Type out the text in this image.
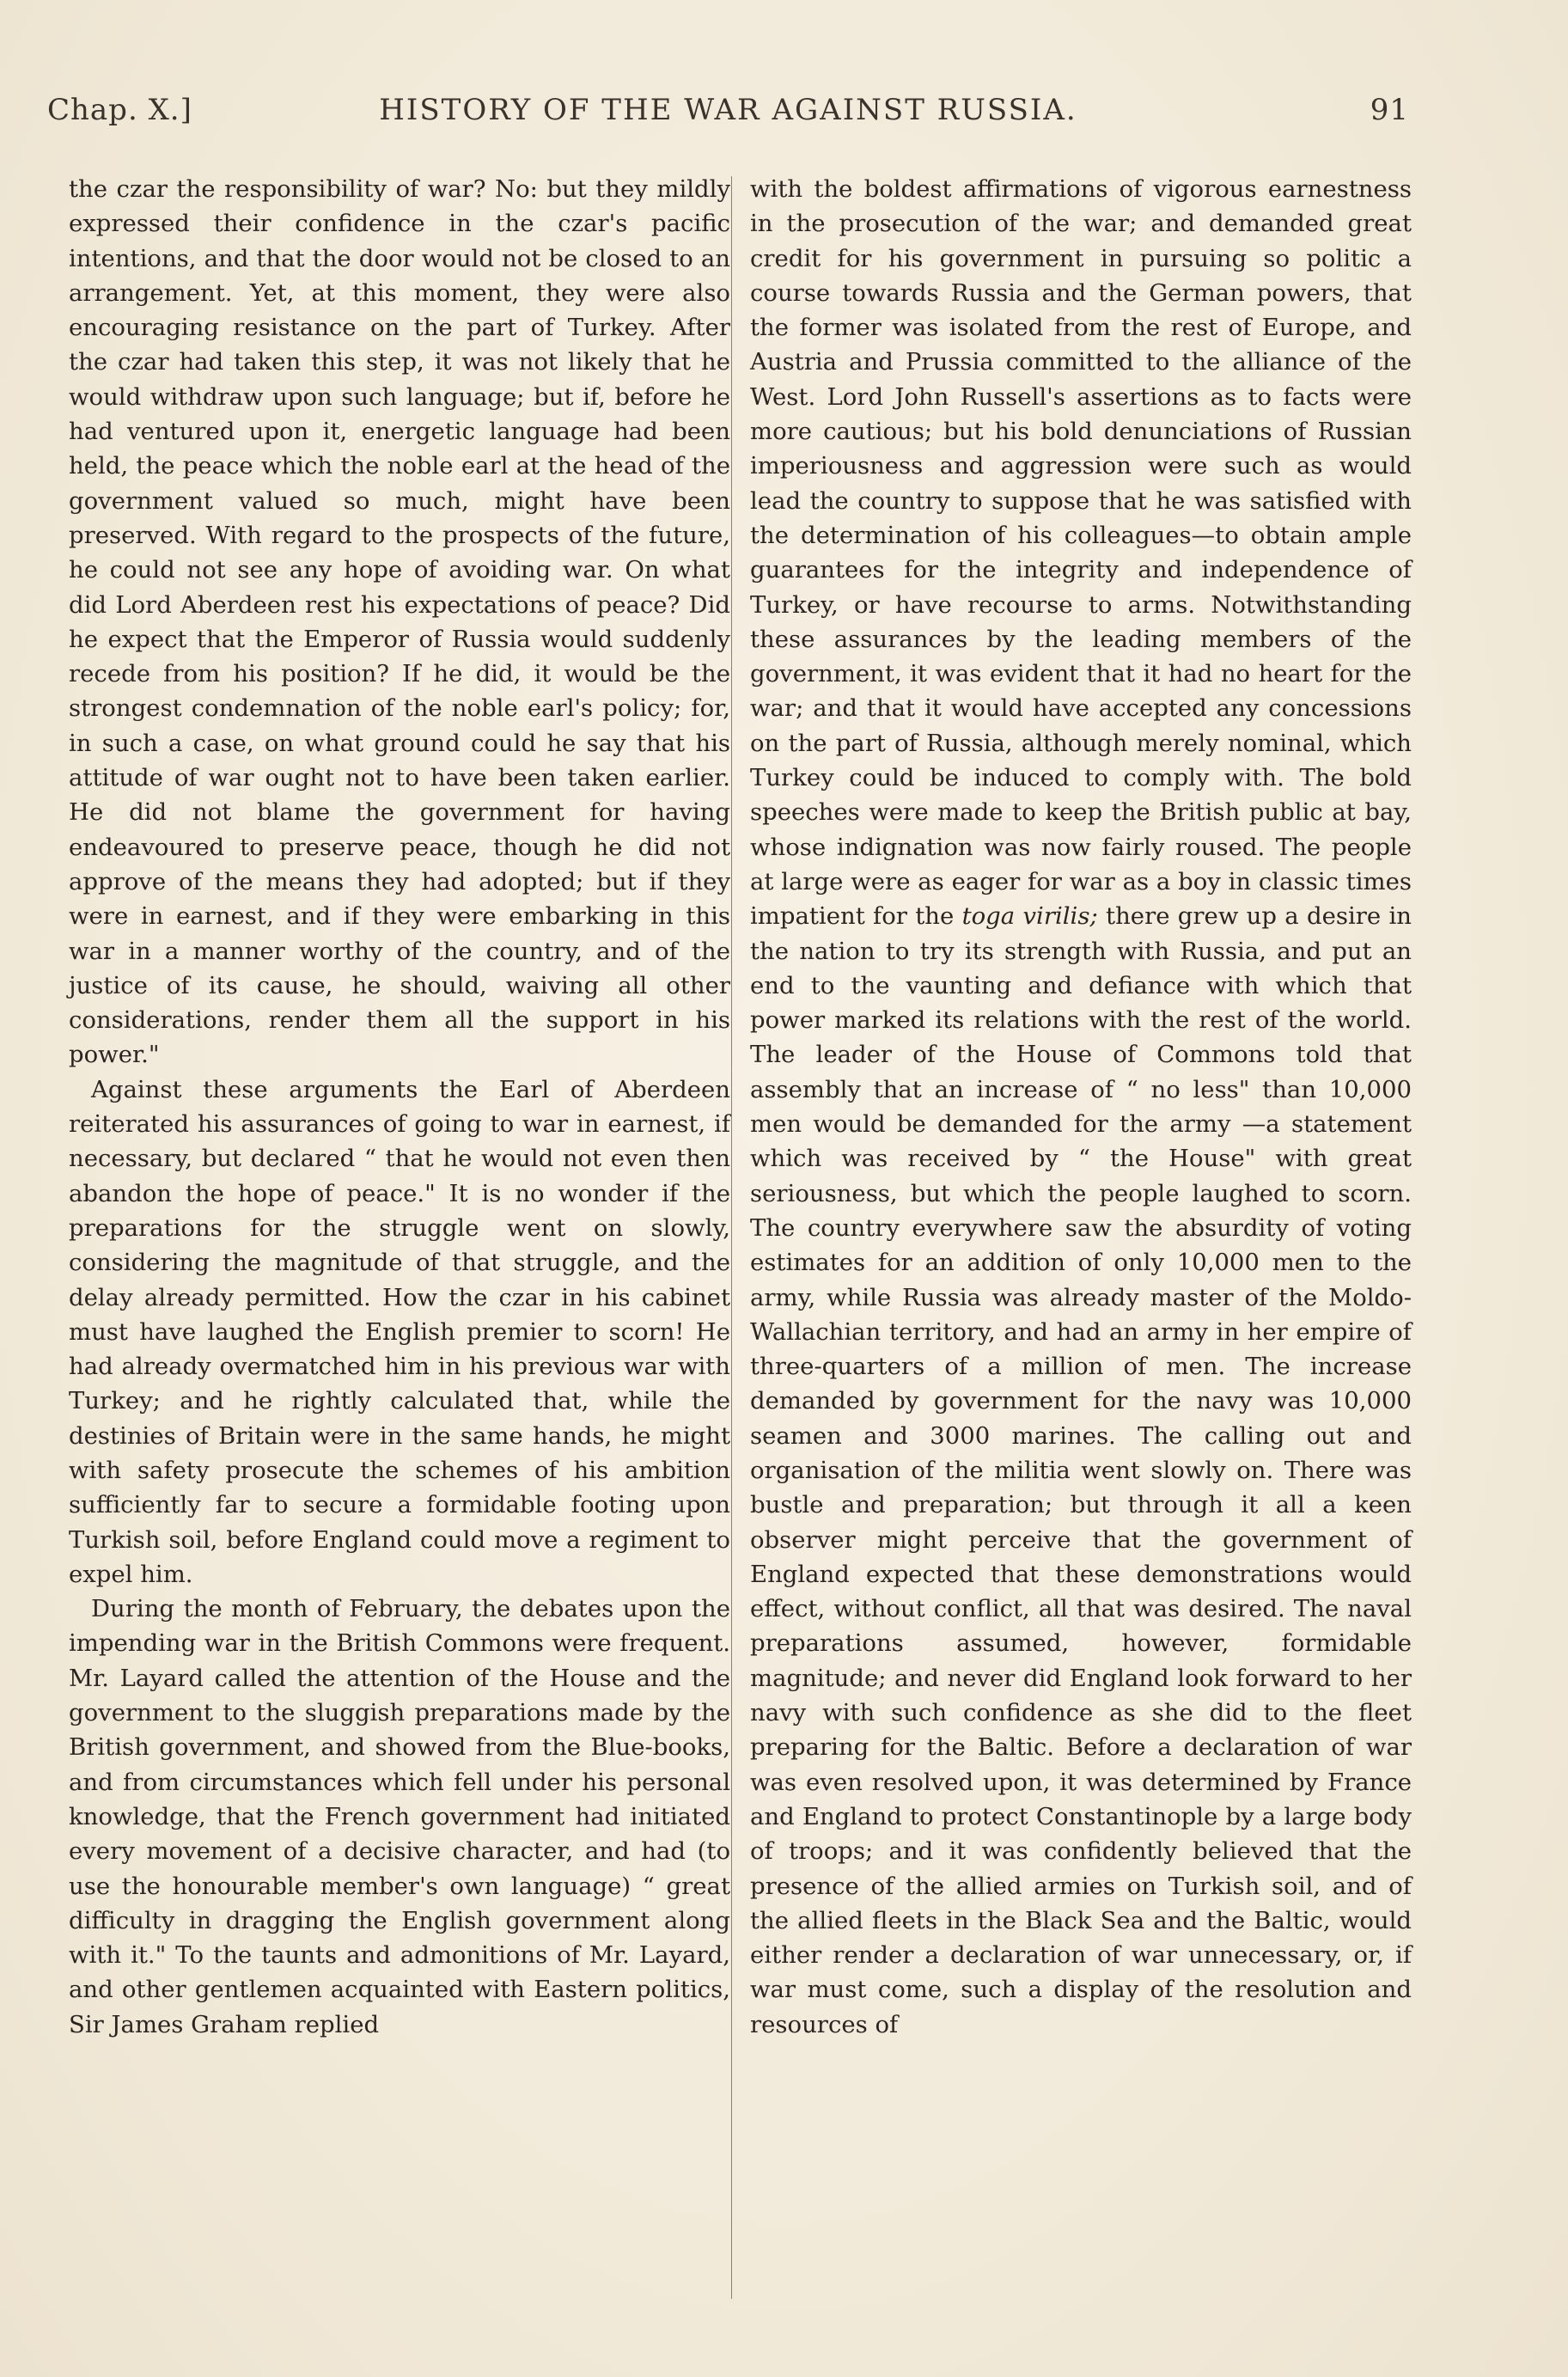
Chap. X.]	HISTORY OF THE WAR AGAINST RUSSIA.	91

the czar the responsibility of war? No: but they mildly expressed their confidence in the czar's pacific intentions, and that the door would not be closed to an arrangement. Yet, at this moment, they were also encouraging resistance on the part of Turkey. After the czar had taken this step, it was not likely that he would withdraw upon such language; but if, before he had ventured upon it, energetic language had been held, the peace which the noble earl at the head of the government valued so much, might have been preserved. With regard to the prospects of the future, he could not see any hope of avoiding war. On what did Lord Aberdeen rest his expectations of peace? Did he expect that the Emperor of Russia would suddenly recede from his position? If he did, it would be the strongest condemnation of the noble earl's policy; for, in such a case, on what ground could he say that his attitude of war ought not to have been taken earlier. He did not blame the government for having endeavoured to preserve peace, though he did not approve of the means they had adopted; but if they were in earnest, and if they were embarking in this war in a manner worthy of the country, and of the justice of its cause, he should, waiving all other considerations, render them all the support in his power."

Against these arguments the Earl of Aberdeen reiterated his assurances of going to war in earnest, if necessary, but declared “ that he would not even then abandon the hope of peace." It is no wonder if the preparations for the struggle went on slowly, considering the magnitude of that struggle, and the delay already permitted. How the czar in his cabinet must have laughed the English premier to scorn! He had already overmatched him in his previous war with Turkey; and he rightly calculated that, while the destinies of Britain were in the same hands, he might with safety prosecute the schemes of his ambition sufficiently far to secure a formidable footing upon Turkish soil, before England could move a regiment to expel him.

During the month of February, the debates upon the impending war in the British Commons were frequent. Mr. Layard called the attention of the House and the government to the sluggish preparations made by the British government, and showed from the Blue-books, and from circumstances which fell under his personal knowledge, that the French government had initiated every movement of a decisive character, and had (to use the honourable member's own language) “ great difficulty in dragging the English government along with it." To the taunts and admonitions of Mr. Layard, and other gentlemen acquainted with Eastern politics, Sir James Graham replied

with the boldest affirmations of vigorous earnestness in the prosecution of the war; and demanded great credit for his government in pursuing so politic a course towards Russia and the German powers, that the former was isolated from the rest of Europe, and Austria and Prussia committed to the alliance of the West. Lord John Russell's assertions as to facts were more cautious; but his bold denunciations of Russian imperiousness and aggression were such as would lead the country to suppose that he was satisfied with the determination of his colleagues—to obtain ample guarantees for the integrity and independence of Turkey, or have recourse to arms. Notwithstanding these assurances by the leading members of the government, it was evident that it had no heart for the war; and that it would have accepted any concessions on the part of Russia, although merely nominal, which Turkey could be induced to comply with. The bold speeches were made to keep the British public at bay, whose indignation was now fairly roused. The people at large were as eager for war as a boy in classic times impatient for the toga virilis; there grew up a desire in the nation to try its strength with Russia, and put an end to the vaunting and defiance with which that power marked its relations with the rest of the world. The leader of the House of Commons told that assembly that an increase of “ no less" than 10,000 men would be demanded for the army —a statement which was received by “ the House" with great seriousness, but which the people laughed to scorn. The country everywhere saw the absurdity of voting estimates for an addition of only 10,000 men to the army, while Russia was already master of the Moldo-Wallachian territory, and had an army in her empire of three-quarters of a million of men. The increase demanded by government for the navy was 10,000 seamen and 3000 marines. The calling out and organisation of the militia went slowly on. There was bustle and preparation; but through it all a keen observer might perceive that the government of England expected that these demonstrations would effect, without conflict, all that was desired. The naval preparations assumed, however, formidable magnitude; and never did England look forward to her navy with such confidence as she did to the fleet preparing for the Baltic. Before a declaration of war was even resolved upon, it was determined by France and England to protect Constantinople by a large body of troops; and it was confidently believed that the presence of the allied armies on Turkish soil, and of the allied fleets in the Black Sea and the Baltic, would either render a declaration of war unnecessary, or, if war must come, such a display of the resolution and resources of
